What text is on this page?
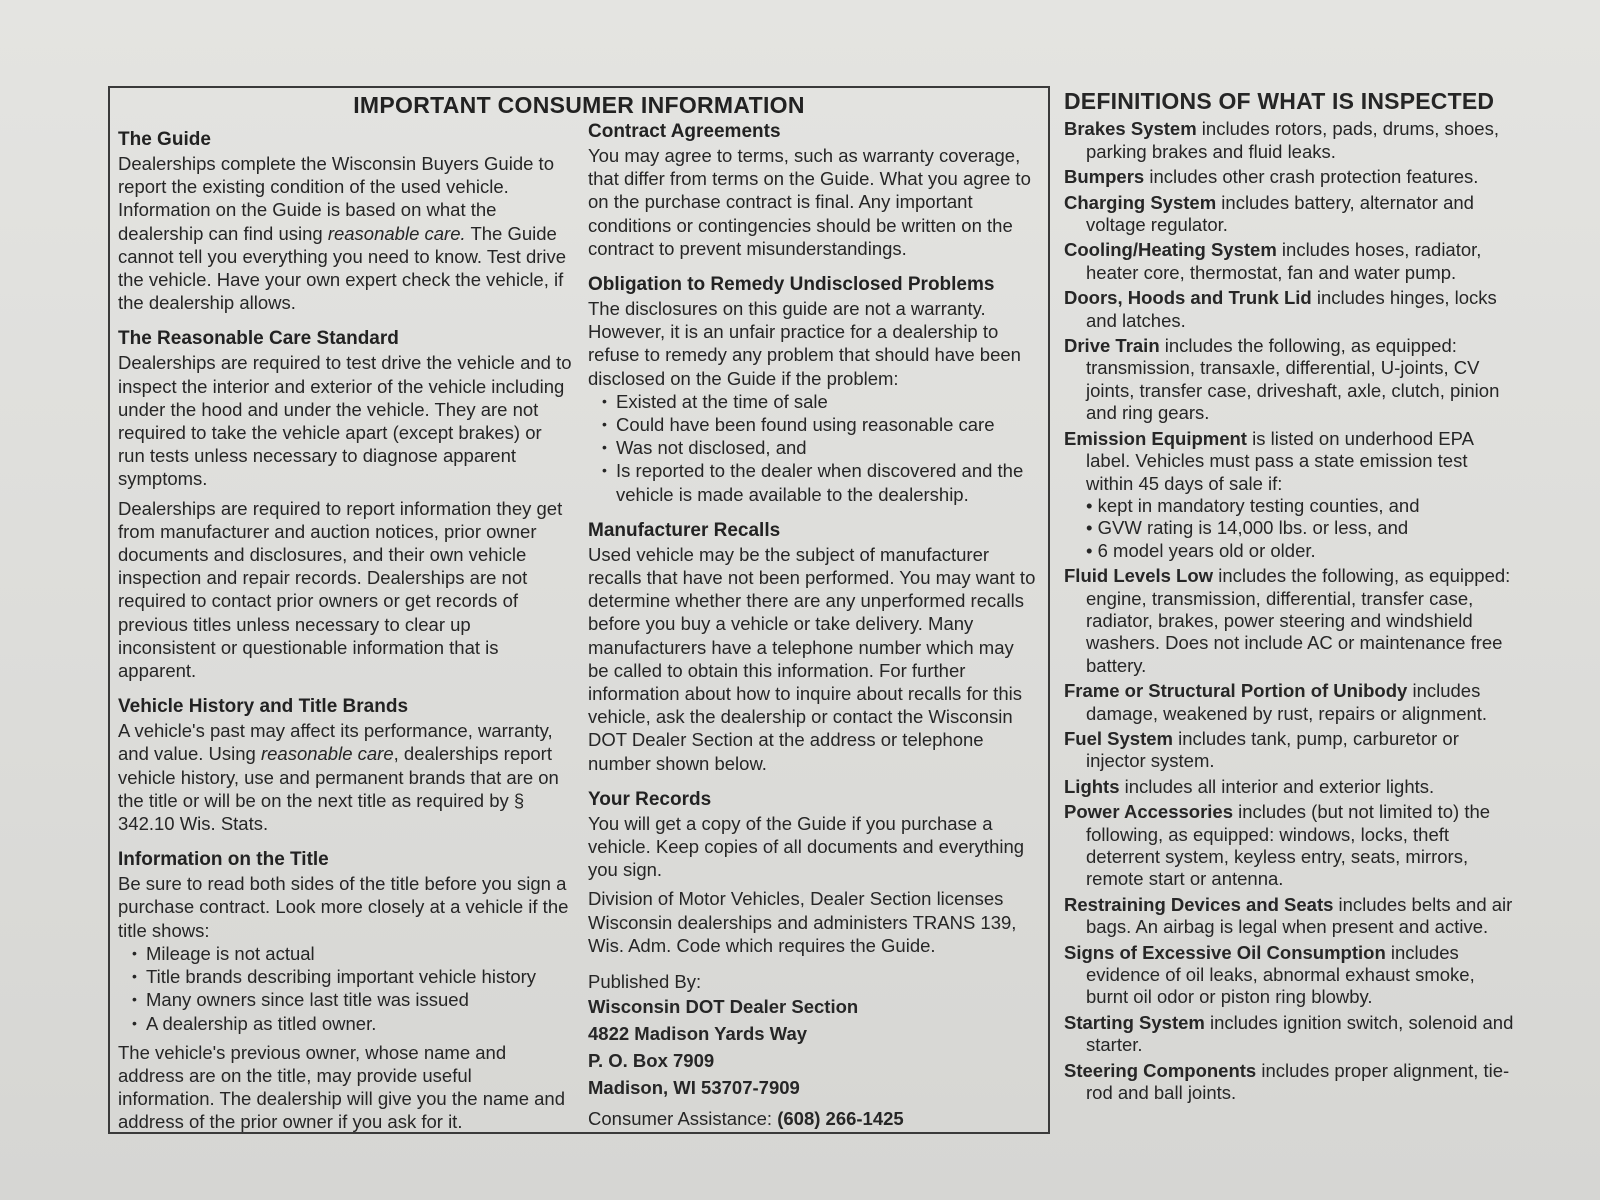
IMPORTANT CONSUMER INFORMATION
The Guide

Dealerships complete the Wisconsin Buyers Guide to report the existing condition of the used vehicle. Information on the Guide is based on what the dealership can find using reasonable care. The Guide cannot tell you everything you need to know. Test drive the vehicle. Have your own expert check the vehicle, if the dealership allows.

The Reasonable Care Standard

Dealerships are required to test drive the vehicle and to inspect the interior and exterior of the vehicle including under the hood and under the vehicle. They are not required to take the vehicle apart (except brakes) or run tests unless necessary to diagnose apparent symptoms.

Dealerships are required to report information they get from manufacturer and auction notices, prior owner documents and disclosures, and their own vehicle inspection and repair records. Dealerships are not required to contact prior owners or get records of previous titles unless necessary to clear up inconsistent or questionable information that is apparent.

Vehicle History and Title Brands

A vehicle's past may affect its performance, warranty, and value. Using reasonable care, dealerships report vehicle history, use and permanent brands that are on the title or will be on the next title as required by § 342.10 Wis. Stats.

Information on the Title

Be sure to read both sides of the title before you sign a purchase contract. Look more closely at a vehicle if the title shows:

• Mileage is not actual
• Title brands describing important vehicle history
• Many owners since last title was issued
• A dealership as titled owner.

The vehicle's previous owner, whose name and address are on the title, may provide useful information. The dealership will give you the name and address of the prior owner if you ask for it.

Contract Agreements

You may agree to terms, such as warranty coverage, that differ from terms on the Guide. What you agree to on the purchase contract is final. Any important conditions or contingencies should be written on the contract to prevent misunderstandings.

Obligation to Remedy Undisclosed Problems

The disclosures on this guide are not a warranty. However, it is an unfair practice for a dealership to refuse to remedy any problem that should have been disclosed on the Guide if the problem:

• Existed at the time of sale
• Could have been found using reasonable care
• Was not disclosed, and
• Is reported to the dealer when discovered and the vehicle is made available to the dealership.
Manufacturer Recalls

Used vehicle may be the subject of manufacturer recalls that have not been performed. You may want to determine whether there are any unperformed recalls before you buy a vehicle or take delivery. Many manufacturers have a telephone number which may be called to obtain this information. For further information about how to inquire about recalls for this vehicle, ask the dealership or contact the Wisconsin DOT Dealer Section at the address or telephone number shown below.

Your Records

You will get a copy of the Guide if you purchase a vehicle. Keep copies of all documents and everything you sign.

Division of Motor Vehicles, Dealer Section licenses Wisconsin dealerships and administers TRANS 139, Wis. Adm. Code which requires the Guide.

Published By:

Wisconsin DOT Dealer Section

4822 Madison Yards Way

P. O. Box 7909

Madison, WI 53707-7909

Consumer Assistance: (608) 266-1425

DEFINITIONS OF WHAT IS INSPECTED
Brakes System includes rotors, pads, drums, shoes, parking brakes and fluid leaks.
Bumpers includes other crash protection features.
Charging System includes battery, alternator and voltage regulator.
Cooling/Heating System includes hoses, radiator, heater core, thermostat, fan and water pump.
Doors, Hoods and Trunk Lid includes hinges, locks and latches.
Drive Train includes the following, as equipped: transmission, transaxle, differential, U-joints, CV joints, transfer case, driveshaft, axle, clutch, pinion and ring gears.
Emission Equipment is listed on underhood EPA label. Vehicles must pass a state emission test within 45 days of sale if:
• kept in mandatory testing counties, and
• GVW rating is 14,000 lbs. or less, and
• 6 model years old or older.
Fluid Levels Low includes the following, as equipped: engine, transmission, differential, transfer case, radiator, brakes, power steering and windshield washers. Does not include AC or maintenance free battery.
Frame or Structural Portion of Unibody includes damage, weakened by rust, repairs or alignment.
Fuel System includes tank, pump, carburetor or injector system.
Lights includes all interior and exterior lights.
Power Accessories includes (but not limited to) the following, as equipped: windows, locks, theft deterrent system, keyless entry, seats, mirrors, remote start or antenna.
Restraining Devices and Seats includes belts and air bags. An airbag is legal when present and active.
Signs of Excessive Oil Consumption includes evidence of oil leaks, abnormal exhaust smoke, burnt oil odor or piston ring blowby.
Starting System includes ignition switch, solenoid and starter.
Steering Components includes proper alignment, tie-rod and ball joints.
